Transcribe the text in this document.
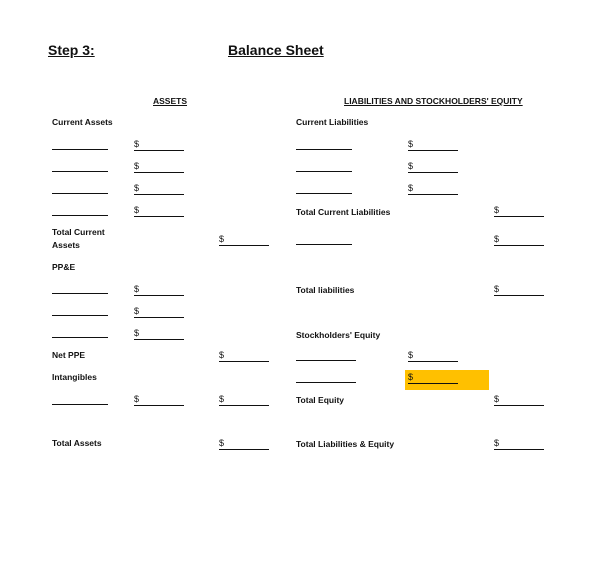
Step 3:	Balance Sheet
ASSETS	LIABILITIES AND STOCKHOLDERS' EQUITY
Current Assets
Total Current
Assets
PP&E
Net PPE
Intangibles
Total Assets
Current Liabilities
Total Current Liabilities
Total liabilities
Stockholders' Equity
Total Equity
Total Liabilities & Equity
$
$
$
$
$
$
$
$
$
$
$
$
$
$
$
$
$
$
$
$
$
$
